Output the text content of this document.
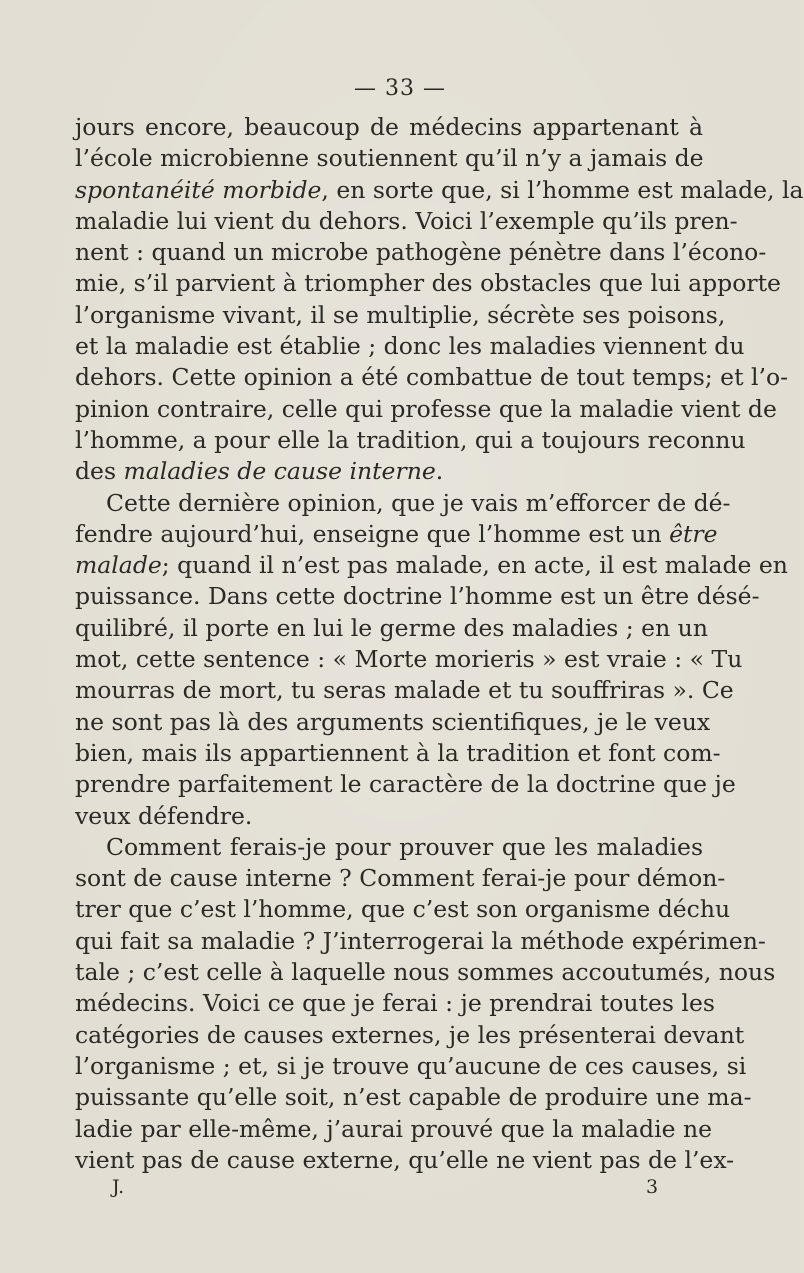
— 33 —
jours encore, beaucoup de médecins appartenant à
l’école microbienne soutiennent qu’il n’y a jamais de
spontanéité morbide, en sorte que, si l’homme est malade, la
maladie lui vient du dehors. Voici l’exemple qu’ils pren-
nent : quand un microbe pathogène pénètre dans l’écono-
mie, s’il parvient à triompher des obstacles que lui apporte
l’organisme vivant, il se multiplie, sécrète ses poisons,
et la maladie est établie ; donc les maladies viennent du
dehors. Cette opinion a été combattue de tout temps; et l’o-
pinion contraire, celle qui professe que la maladie vient de
l’homme, a pour elle la tradition, qui a toujours reconnu
des maladies de cause interne.
Cette dernière opinion, que je vais m’efforcer de dé-
fendre aujourd’hui, enseigne que l’homme est un être
malade; quand il n’est pas malade, en acte, il est malade en
puissance. Dans cette doctrine l’homme est un être désé-
quilibré, il porte en lui le germe des maladies ; en un
mot, cette sentence : « Morte morieris » est vraie : « Tu
mourras de mort, tu seras malade et tu souffriras ». Ce
ne sont pas là des arguments scientifiques, je le veux
bien, mais ils appartiennent à la tradition et font com-
prendre parfaitement le caractère de la doctrine que je
veux défendre.
Comment ferais-je pour prouver que les maladies
sont de cause interne ? Comment ferai-je pour démon-
trer que c’est l’homme, que c’est son organisme déchu
qui fait sa maladie ? J’interrogerai la méthode expérimen-
tale ; c’est celle à laquelle nous sommes accoutumés, nous
médecins. Voici ce que je ferai : je prendrai toutes les
catégories de causes externes, je les présenterai devant
l’organisme ; et, si je trouve qu’aucune de ces causes, si
puissante qu’elle soit, n’est capable de produire une ma-
ladie par elle-même, j’aurai prouvé que la maladie ne
vient pas de cause externe, qu’elle ne vient pas de l’ex-
J.	3
